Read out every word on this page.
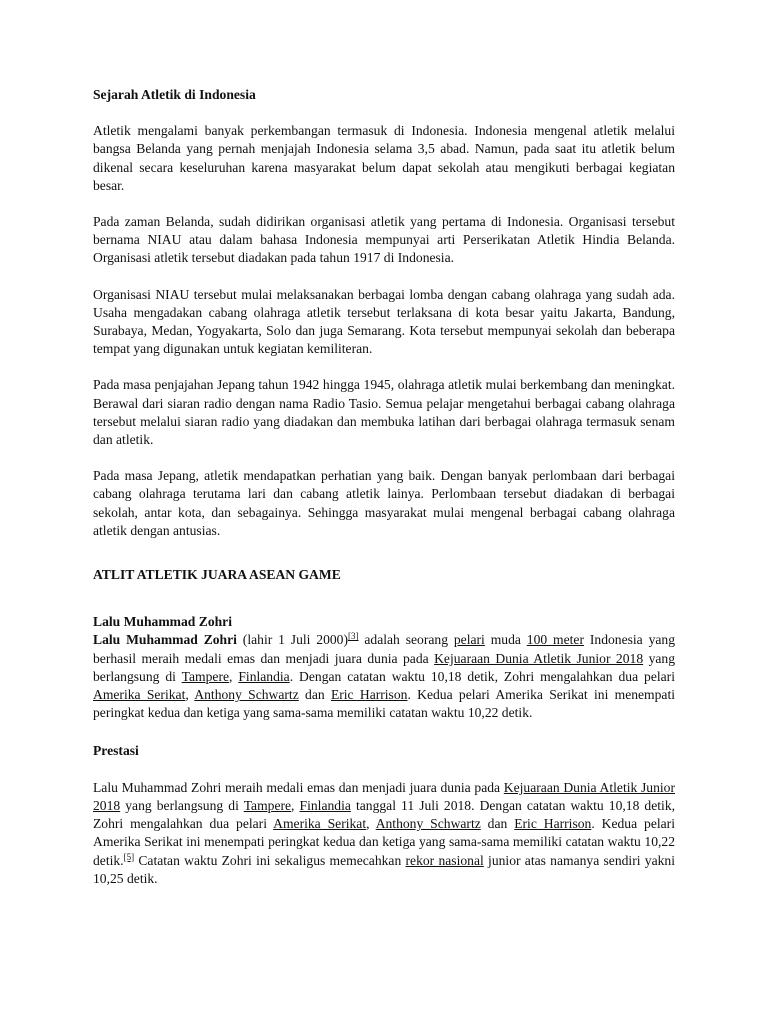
Sejarah Atletik di Indonesia

Atletik mengalami banyak perkembangan termasuk di Indonesia. Indonesia mengenal atletik melalui bangsa Belanda yang pernah menjajah Indonesia selama 3,5 abad. Namun, pada saat itu atletik belum dikenal secara keseluruhan karena masyarakat belum dapat sekolah atau mengikuti berbagai kegiatan besar.

Pada zaman Belanda, sudah didirikan organisasi atletik yang pertama di Indonesia. Organisasi tersebut bernama NIAU atau dalam bahasa Indonesia mempunyai arti Perserikatan Atletik Hindia Belanda. Organisasi atletik tersebut diadakan pada tahun 1917 di Indonesia.

Organisasi NIAU tersebut mulai melaksanakan berbagai lomba dengan cabang olahraga yang sudah ada. Usaha mengadakan cabang olahraga atletik tersebut terlaksana di kota besar yaitu Jakarta, Bandung, Surabaya, Medan, Yogyakarta, Solo dan juga Semarang. Kota tersebut mempunyai sekolah dan beberapa tempat yang digunakan untuk kegiatan kemiliteran.

Pada masa penjajahan Jepang tahun 1942 hingga 1945, olahraga atletik mulai berkembang dan meningkat. Berawal dari siaran radio dengan nama Radio Tasio. Semua pelajar mengetahui berbagai cabang olahraga tersebut melalui siaran radio yang diadakan dan membuka latihan dari berbagai olahraga termasuk senam dan atletik.

Pada masa Jepang, atletik mendapatkan perhatian yang baik. Dengan banyak perlombaan dari berbagai cabang olahraga terutama lari dan cabang atletik lainya. Perlombaan tersebut diadakan di berbagai sekolah, antar kota, dan sebagainya. Sehingga masyarakat mulai mengenal berbagai cabang olahraga atletik dengan antusias.

ATLIT ATLETIK JUARA ASEAN GAME

Lalu Muhammad Zohri

Lalu Muhammad Zohri (lahir 1 Juli 2000)[3] adalah seorang pelari muda 100 meter Indonesia yang berhasil meraih medali emas dan menjadi juara dunia pada Kejuaraan Dunia Atletik Junior 2018 yang berlangsung di Tampere, Finlandia. Dengan catatan waktu 10,18 detik, Zohri mengalahkan dua pelari Amerika Serikat, Anthony Schwartz dan Eric Harrison. Kedua pelari Amerika Serikat ini menempati peringkat kedua dan ketiga yang sama-sama memiliki catatan waktu 10,22 detik.

Prestasi

Lalu Muhammad Zohri meraih medali emas dan menjadi juara dunia pada Kejuaraan Dunia Atletik Junior 2018 yang berlangsung di Tampere, Finlandia tanggal 11 Juli 2018. Dengan catatan waktu 10,18 detik, Zohri mengalahkan dua pelari Amerika Serikat, Anthony Schwartz dan Eric Harrison. Kedua pelari Amerika Serikat ini menempati peringkat kedua dan ketiga yang sama-sama memiliki catatan waktu 10,22 detik.[5] Catatan waktu Zohri ini sekaligus memecahkan rekor nasional junior atas namanya sendiri yakni 10,25 detik.
